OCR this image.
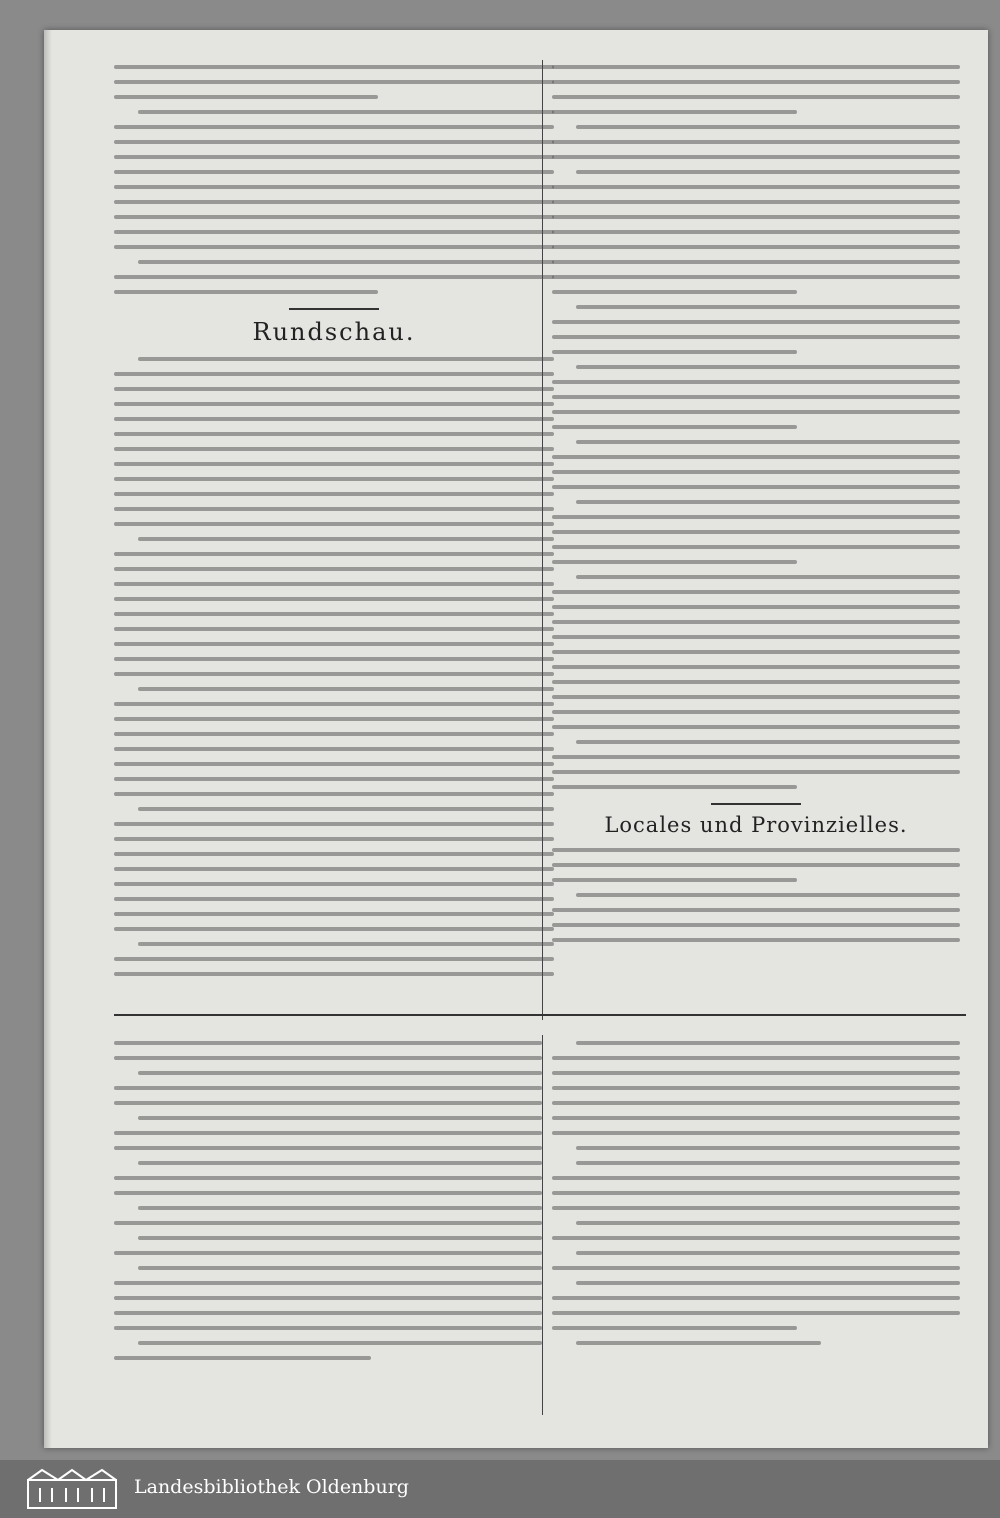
Rundschau.
Locales und Provinzielles.
Landesbibliothek Oldenburg
